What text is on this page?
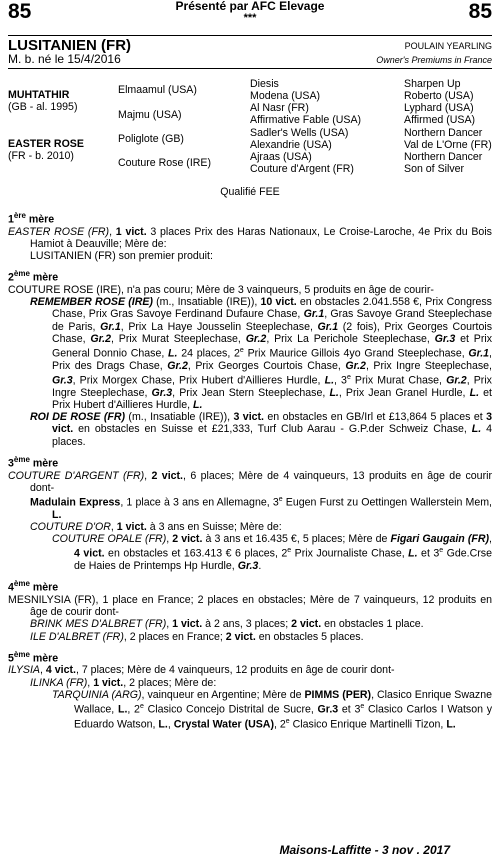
85	85
Présenté par AFC Elevage
***
LUSITANIEN (FR)
M. b. né le 15/4/2016
POULAIN YEARLING
Owner's Premiums in France
MUHTATHIR
(GB - al. 1995)
EASTER ROSE
(FR - b. 2010)
Elmaamul (USA)
Majmu (USA)
Poliglote (GB)
Couture Rose (IRE)
Diesis
Modena (USA)
Al Nasr (FR)
Affirmative Fable (USA)
Sadler's Wells (USA)
Alexandrie (USA)
Ajraas (USA)
Couture d'Argent (FR)
Sharpen Up
Roberto (USA)
Lyphard (USA)
Affirmed (USA)
Northern Dancer
Val de L'Orne (FR)
Northern Dancer
Son of Silver
Qualifié FEE
1ère mère

EASTER ROSE (FR), 1 vict. 3 places Prix des Haras Nationaux, Le Croise-Laroche, 4e Prix du Bois Hamiot à Deauville; Mère de:

LUSITANIEN (FR) son premier produit:

2ème mère

COUTURE ROSE (IRE), n'a pas couru; Mère de 3 vainqueurs, 5 produits en âge de courir-

REMEMBER ROSE (IRE) (m., Insatiable (IRE)), 10 vict. en obstacles 2.041.558 €, Prix Congress Chase, Prix Gras Savoye Ferdinand Dufaure Chase, Gr.1, Gras Savoye Grand Steeplechase de Paris, Gr.1, Prix La Haye Jousselin Steeplechase, Gr.1 (2 fois), Prix Georges Courtois Chase, Gr.2, Prix Murat Steeplechase, Gr.2, Prix La Perichole Steeplechase, Gr.3 et Prix General Donnio Chase, L. 24 places, 2e Prix Maurice Gillois 4yo Grand Steeplechase, Gr.1, Prix des Drags Chase, Gr.2, Prix Georges Courtois Chase, Gr.2, Prix Ingre Steeplechase, Gr.3, Prix Morgex Chase, Prix Hubert d'Aillieres Hurdle, L., 3e Prix Murat Chase, Gr.2, Prix Ingre Steeplechase, Gr.3, Prix Jean Stern Steeplechase, L., Prix Jean Granel Hurdle, L. et Prix Hubert d'Aillieres Hurdle, L.

ROI DE ROSE (FR) (m., Insatiable (IRE)), 3 vict. en obstacles en GB/Irl et £13,864 5 places et 3 vict. en obstacles en Suisse et £21,333, Turf Club Aarau - G.P.der Schweiz Chase, L. 4 places.

3ème mère

COUTURE D'ARGENT (FR), 2 vict., 6 places; Mère de 4 vainqueurs, 13 produits en âge de courir dont-

Madulain Express, 1 place à 3 ans en Allemagne, 3e Eugen Furst zu Oettingen Wallerstein Mem, L.

COUTURE D'OR, 1 vict. à 3 ans en Suisse; Mère de:

COUTURE OPALE (FR), 2 vict. à 3 ans et 16.435 €, 5 places; Mère de Figari Gaugain (FR), 4 vict. en obstacles et 163.413 € 6 places, 2e Prix Journaliste Chase, L. et 3e Gde.Crse de Haies de Printemps Hp Hurdle, Gr.3.

4ème mère

MESNILYSIA (FR), 1 place en France; 2 places en obstacles; Mère de 7 vainqueurs, 12 produits en âge de courir dont-

BRINK MES D'ALBRET (FR), 1 vict. à 2 ans, 3 places; 2 vict. en obstacles 1 place.

ILE D'ALBRET (FR), 2 places en France; 2 vict. en obstacles 5 places.

5ème mère

ILYSIA, 4 vict., 7 places; Mère de 4 vainqueurs, 12 produits en âge de courir dont-

ILINKA (FR), 1 vict., 2 places; Mère de:

TARQUINIA (ARG), vainqueur en Argentine; Mère de PIMMS (PER), Clasico Enrique Swazne Wallace, L., 2e Clasico Concejo Distrital de Sucre, Gr.3 et 3e Clasico Carlos I Watson y Eduardo Watson, L., Crystal Water (USA), 2e Clasico Enrique Martinelli Tizon, L.

Maisons-Laffitte - 3 nov . 2017
